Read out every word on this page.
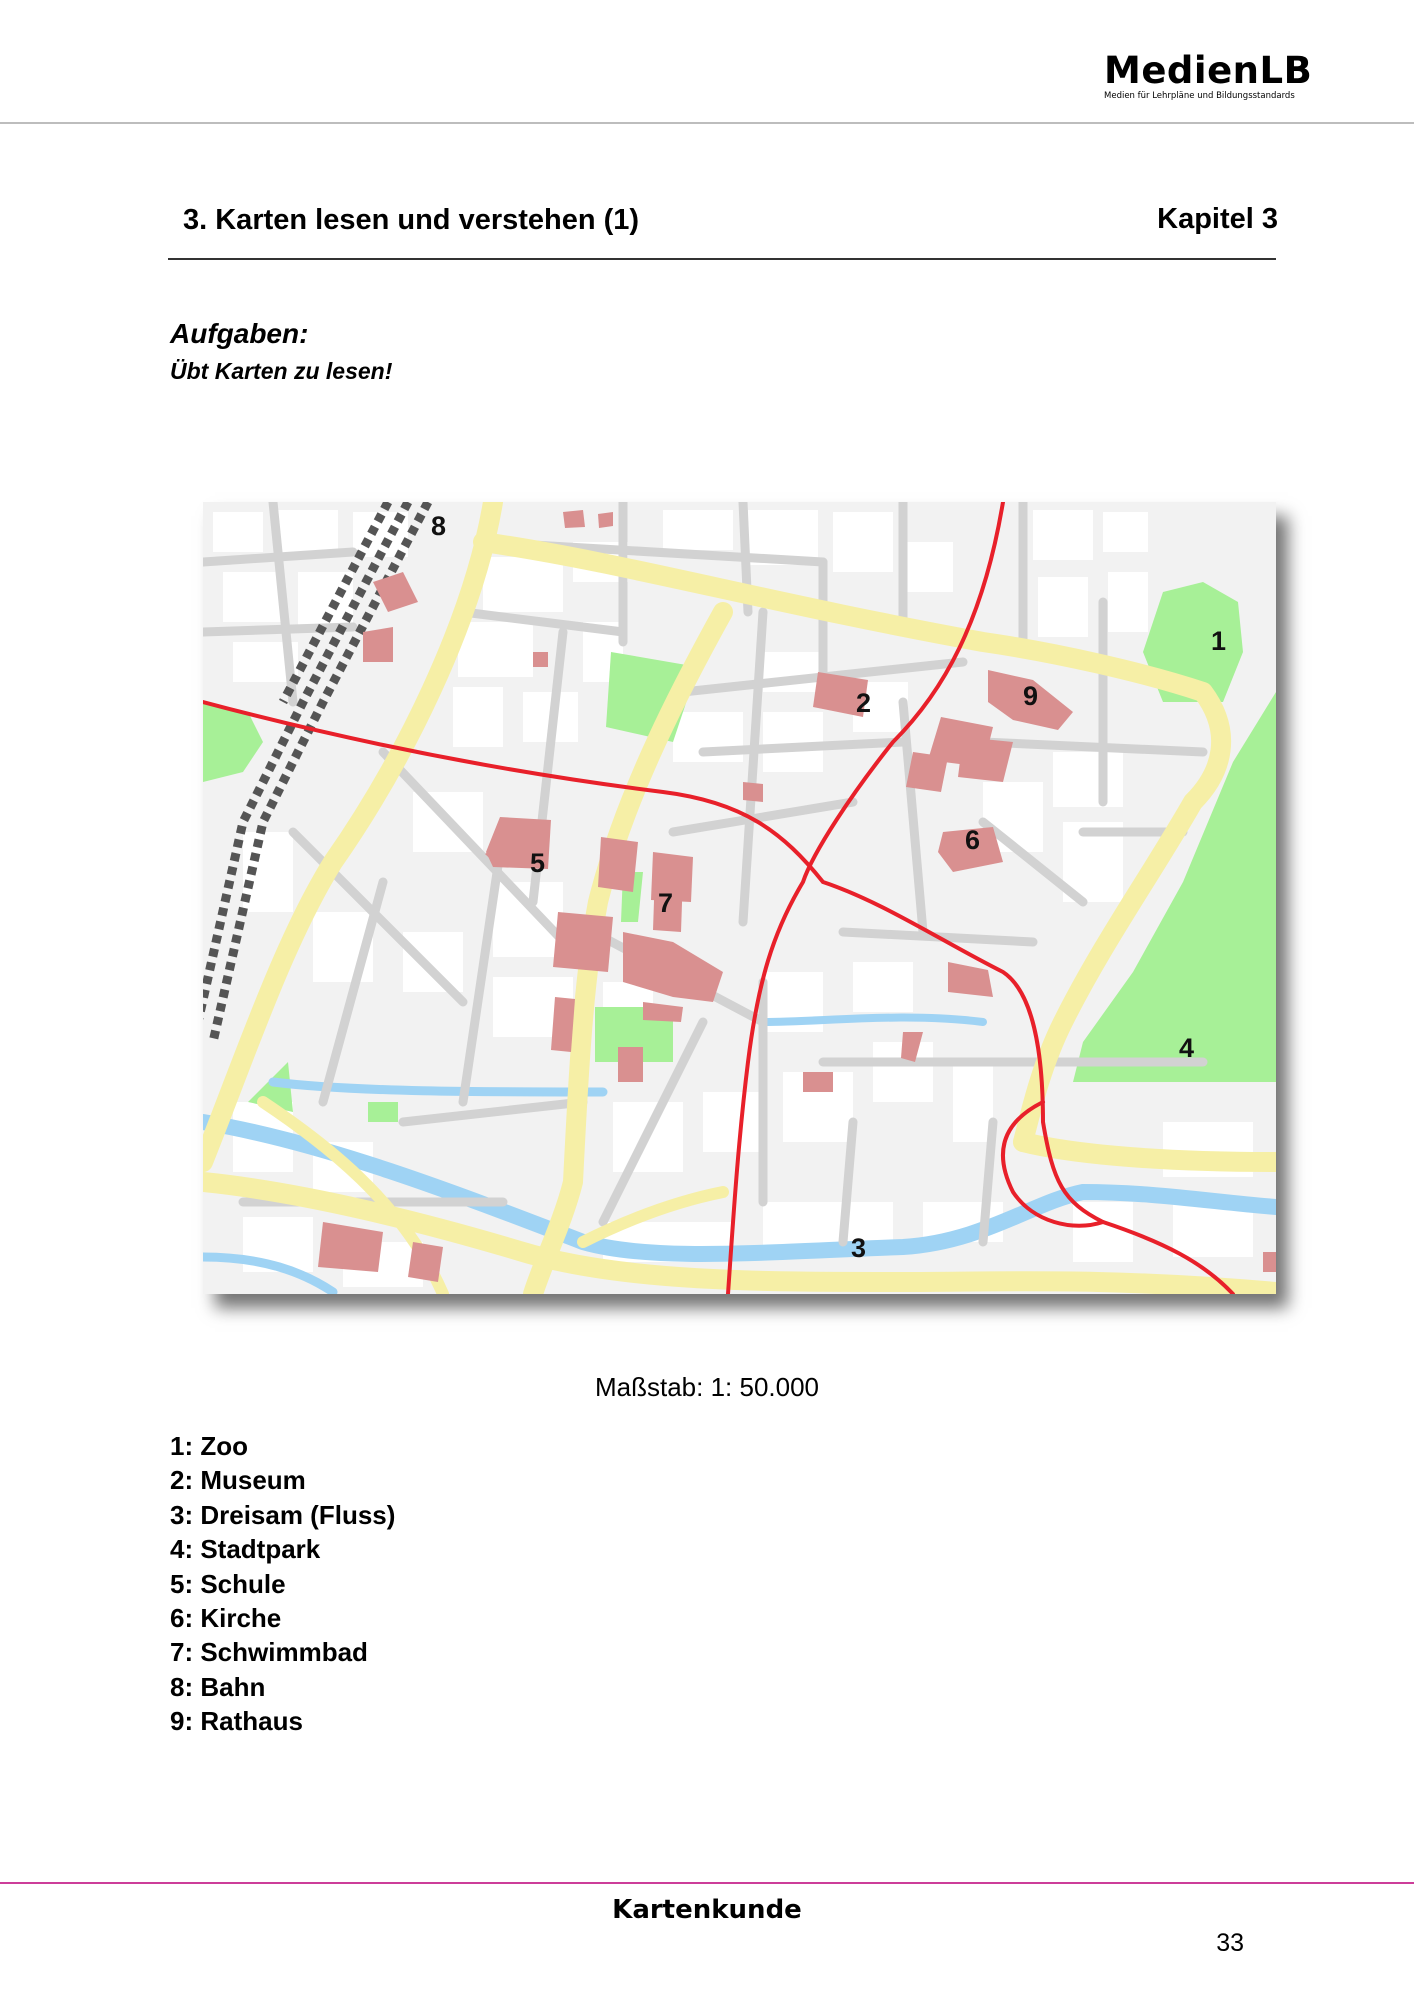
MedienLB
Medien für Lehrpläne und Bildungsstandards
3. Karten lesen und verstehen (1)	Kapitel 3
Aufgaben:
Übt Karten zu lesen!
1
2
3
4
5
6
7
8
9
Maßstab: 1: 50.000
1: Zoo
2: Museum
3: Dreisam (Fluss)
4: Stadtpark
5: Schule
6: Kirche
7: Schwimmbad
8: Bahn
9: Rathaus
Kartenkunde
33
